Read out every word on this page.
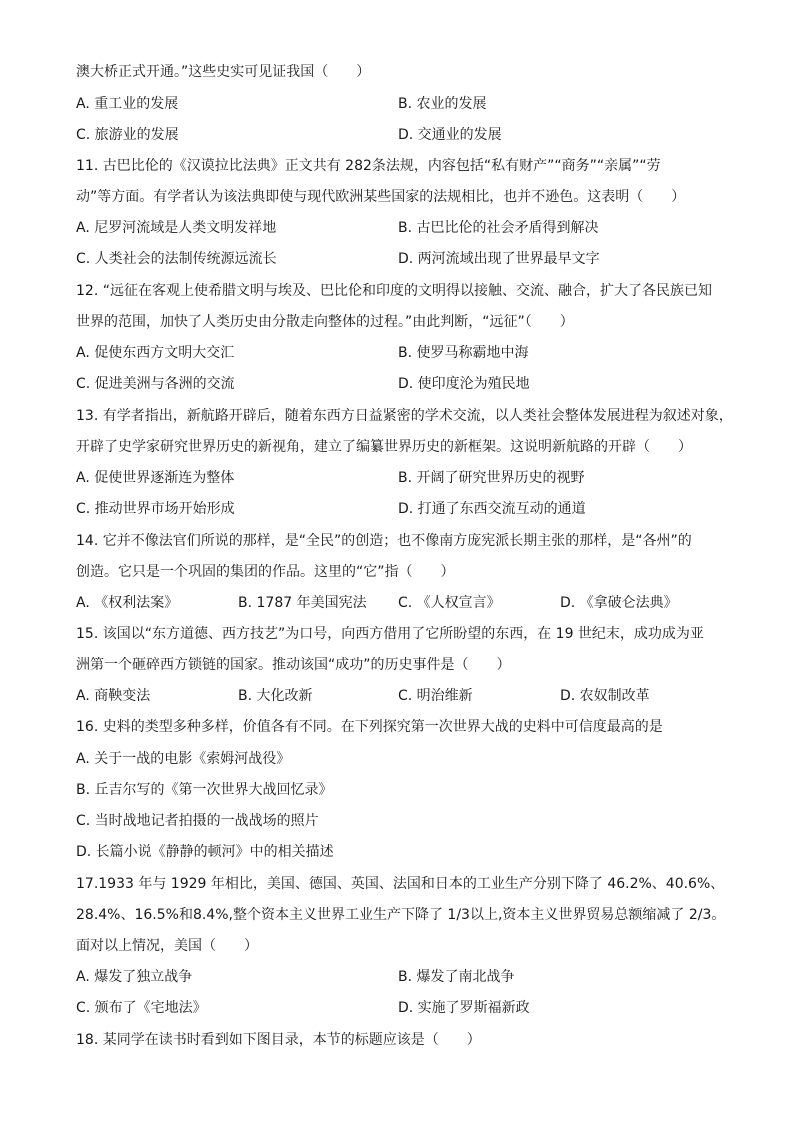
澳大桥正式开通。”这些史实可见证我国（　　）
A. 重工业的发展	B. 农业的发展
C. 旅游业的发展	D. 交通业的发展
11. 古巴比伦的《汉谟拉比法典》正文共有 282条法规，内容包括“私有财产”“商务”“亲属”“劳
动”等方面。有学者认为该法典即使与现代欧洲某些国家的法规相比，也并不逊色。这表明（　　）
A. 尼罗河流域是人类文明发祥地	B. 古巴比伦的社会矛盾得到解决
C. 人类社会的法制传统源远流长	D. 两河流域出现了世界最早文字
12. “远征在客观上使希腊文明与埃及、巴比伦和印度的文明得以接触、交流、融合，扩大了各民族已知
世界的范围，加快了人类历史由分散走向整体的过程。”由此判断，“远征”（　　）
A. 促使东西方文明大交汇	B. 使罗马称霸地中海
C. 促进美洲与各洲的交流	D. 使印度沦为殖民地
13. 有学者指出，新航路开辟后，随着东西方日益紧密的学术交流，以人类社会整体发展进程为叙述对象，
开辟了史学家研究世界历史的新视角，建立了编纂世界历史的新框架。这说明新航路的开辟（　　）
A. 促使世界逐渐连为整体	B. 开阔了研究世界历史的视野
C. 推动世界市场开始形成	D. 打通了东西交流互动的通道
14. 它并不像法官们所说的那样，是“全民”的创造；也不像南方庞宪派长期主张的那样，是“各州”的
创造。它只是一个巩固的集团的作品。这里的“它”指（　　）
A. 《权利法案》	B. 1787 年美国宪法 C. 《人权宣言》	D. 《拿破仑法典》
15. 该国以“东方道德、西方技艺”为口号，向西方借用了它所盼望的东西，在 19 世纪末，成功成为亚
洲第一个砸碎西方锁链的国家。推动该国“成功”的历史事件是（　　）
A. 商鞅变法	B. 大化改新	C. 明治维新	D. 农奴制改革
16. 史料的类型多种多样，价值各有不同。在下列探究第一次世界大战的史料中可信度最高的是
A. 关于一战的电影《索姆河战役》
B. 丘吉尔写的《第一次世界大战回忆录》
C. 当时战地记者拍摄的一战战场的照片
D. 长篇小说《静静的顿河》中的相关描述
17.1933 年与 1929 年相比，美国、德国、英国、法国和日本的工业生产分别下降了 46.2%、40.6%、
28.4%、16.5%和8.4%,整个资本主义世界工业生产下降了 1/3以上,资本主义世界贸易总额缩减了 2/3。
面对以上情况，美国（　　）
A. 爆发了独立战争	B. 爆发了南北战争
C. 颁布了《宅地法》	D. 实施了罗斯福新政
18. 某同学在读书时看到如下图目录，本节的标题应该是（　　）
